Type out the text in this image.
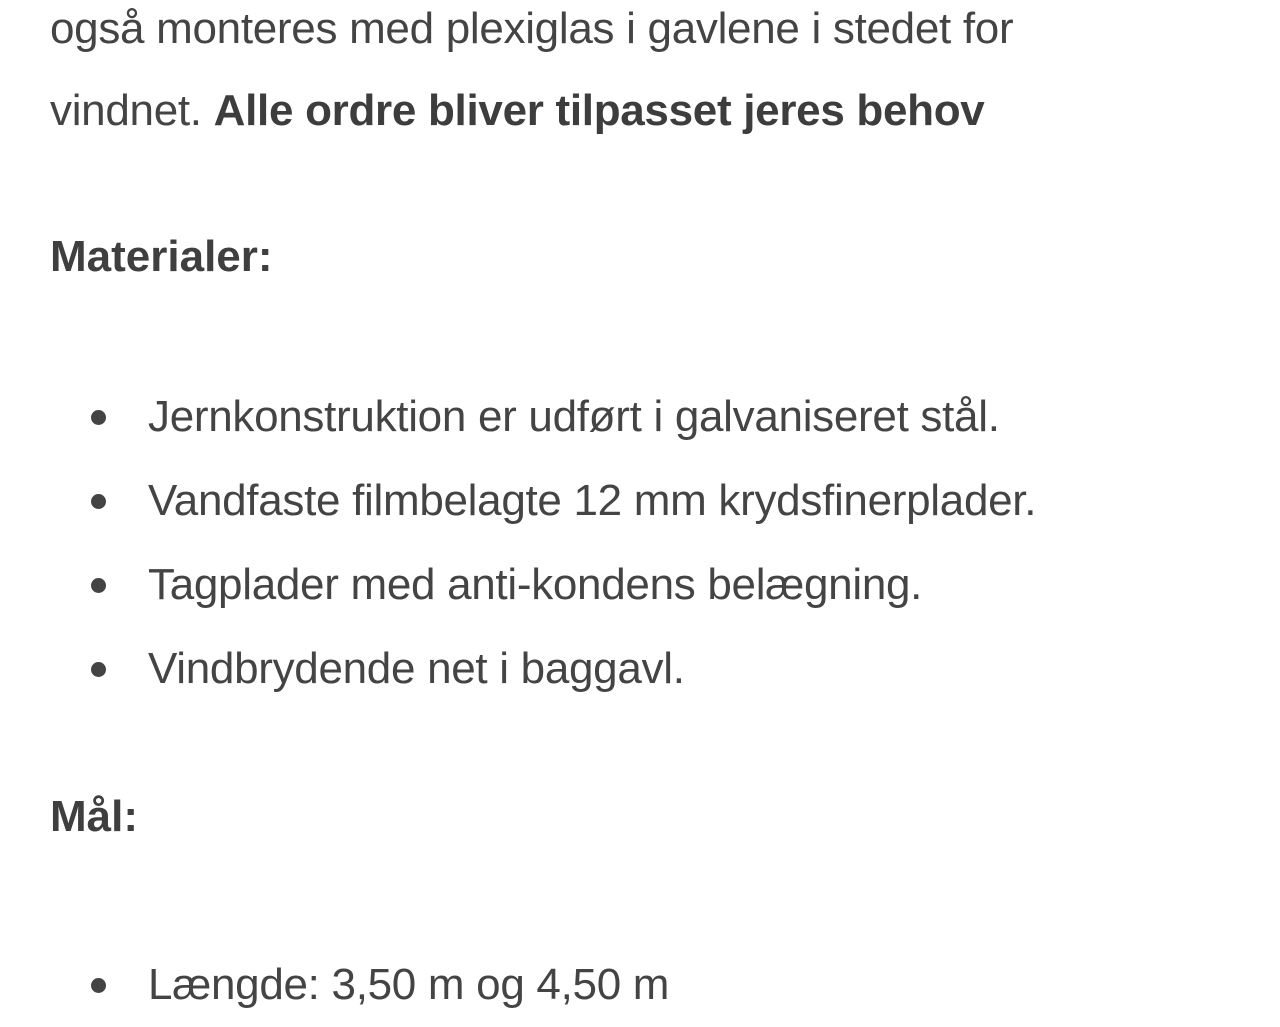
også monteres med plexiglas i gavlene i stedet for
vindnet. Alle ordre bliver tilpasset jeres behov

Materialer:
Jernkonstruktion er udført i galvaniseret stål.
Vandfaste filmbelagte 12 mm krydsfinerplader.
Tagplader med anti-kondens belægning.
Vindbrydende net i baggavl.
Mål:
Længde: 3,50 m og 4,50 m
